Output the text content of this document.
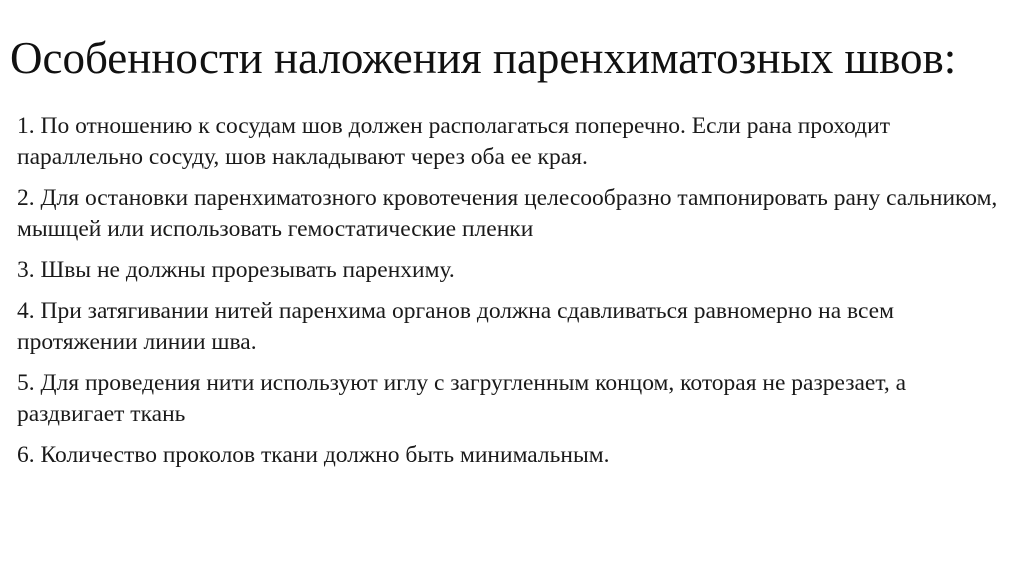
Особенности наложения паренхиматозных швов:
1. По отношению к сосудам шов должен располагаться поперечно. Если рана проходит параллельно сосуду, шов накладывают через оба ее края.
2. Для остановки паренхиматозного кровотечения целесообразно тампонировать рану сальником, мышцей или использовать гемостатические пленки
3. Швы не должны прорезывать паренхиму.
4. При затягивании нитей паренхима органов должна сдавливаться равномерно на всем протяжении линии шва.
5. Для проведения нити используют иглу с загругленным концом, которая не разрезает, а раздвигает ткань
6. Количество проколов ткани должно быть минимальным.
